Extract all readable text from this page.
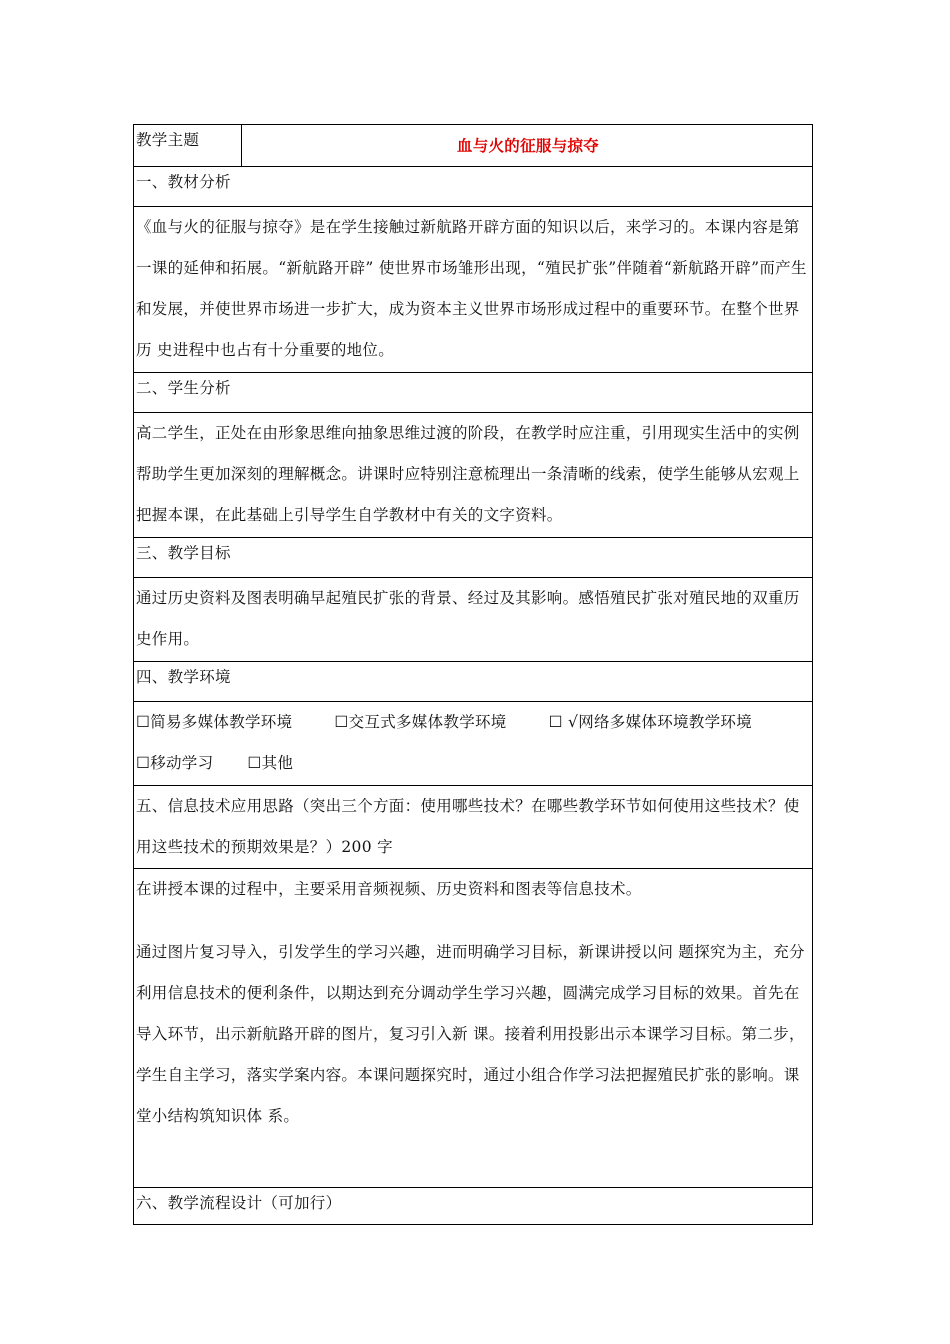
教学主题	血与火的征服与掠夺
一、教材分析
《血与火的征服与掠夺》是在学生接触过新航路开辟方面的知识以后，来学习的。本课内容是第一课的延伸和拓展。“新航路开辟” 使世界市场雏形出现，“殖民扩张”伴随着“新航路开辟”而产生和发展，并使世界市场进一步扩大，成为资本主义世界市场形成过程中的重要环节。在整个世界历 史进程中也占有十分重要的地位。
二、学生分析
高二学生，正处在由形象思维向抽象思维过渡的阶段，在教学时应注重，引用现实生活中的实例帮助学生更加深刻的理解概念。讲课时应特别注意梳理出一条清晰的线索，使学生能够从宏观上把握本课，在此基础上引导学生自学教材中有关的文字资料。
三、教学目标
通过历史资料及图表明确早起殖民扩张的背景、经过及其影响。感悟殖民扩张对殖民地的双重历史作用。
四、教学环境

☐简易多媒体教学环境	☐交互式多媒体教学环境	☐ √网络多媒体环境教学环境
☐移动学习 ☐其他

五、信息技术应用思路（突出三个方面：使用哪些技术？在哪些教学环节如何使用这些技术？使用这些技术的预期效果是？）200 字

在讲授本课的过程中，主要采用音频视频、历史资料和图表等信息技术。

通过图片复习导入，引发学生的学习兴趣，进而明确学习目标，新课讲授以问 题探究为主，充分利用信息技术的便利条件，以期达到充分调动学生学习兴趣，圆满完成学习目标的效果。首先在导入环节，出示新航路开辟的图片，复习引入新 课。接着利用投影出示本课学习目标。第二步，学生自主学习，落实学案内容。本课问题探究时，通过小组合作学习法把握殖民扩张的影响。课堂小结构筑知识体 系。

六、教学流程设计（可加行）
